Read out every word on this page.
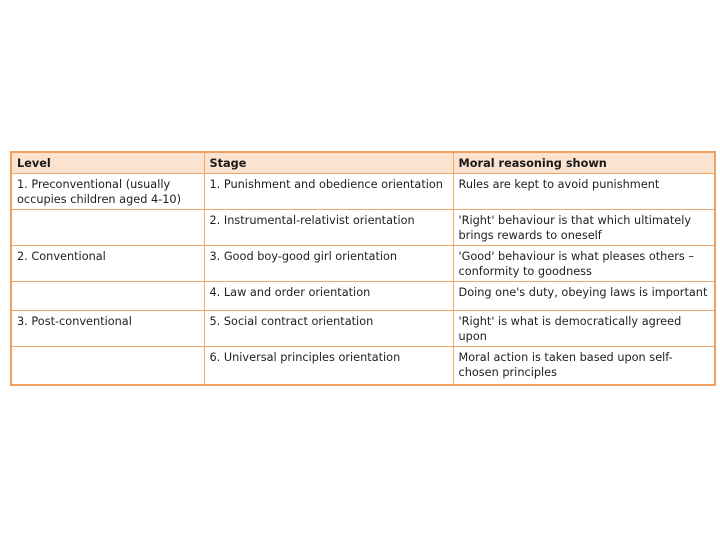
Level	Stage	Moral reasoning shown
1. Preconventional (usually occupies children aged 4-10)	1. Punishment and obedience orientation	Rules are kept to avoid punishment
	2. Instrumental-relativist orientation	'Right' behaviour is that which ultimately brings rewards to oneself
2. Conventional	3. Good boy-good girl orientation	'Good' behaviour is what pleases others – conformity to goodness
	4. Law and order orientation	Doing one's duty, obeying laws is important
3. Post-conventional	5. Social contract orientation	'Right' is what is democratically agreed upon
	6. Universal principles orientation	Moral action is taken based upon self-chosen principles
